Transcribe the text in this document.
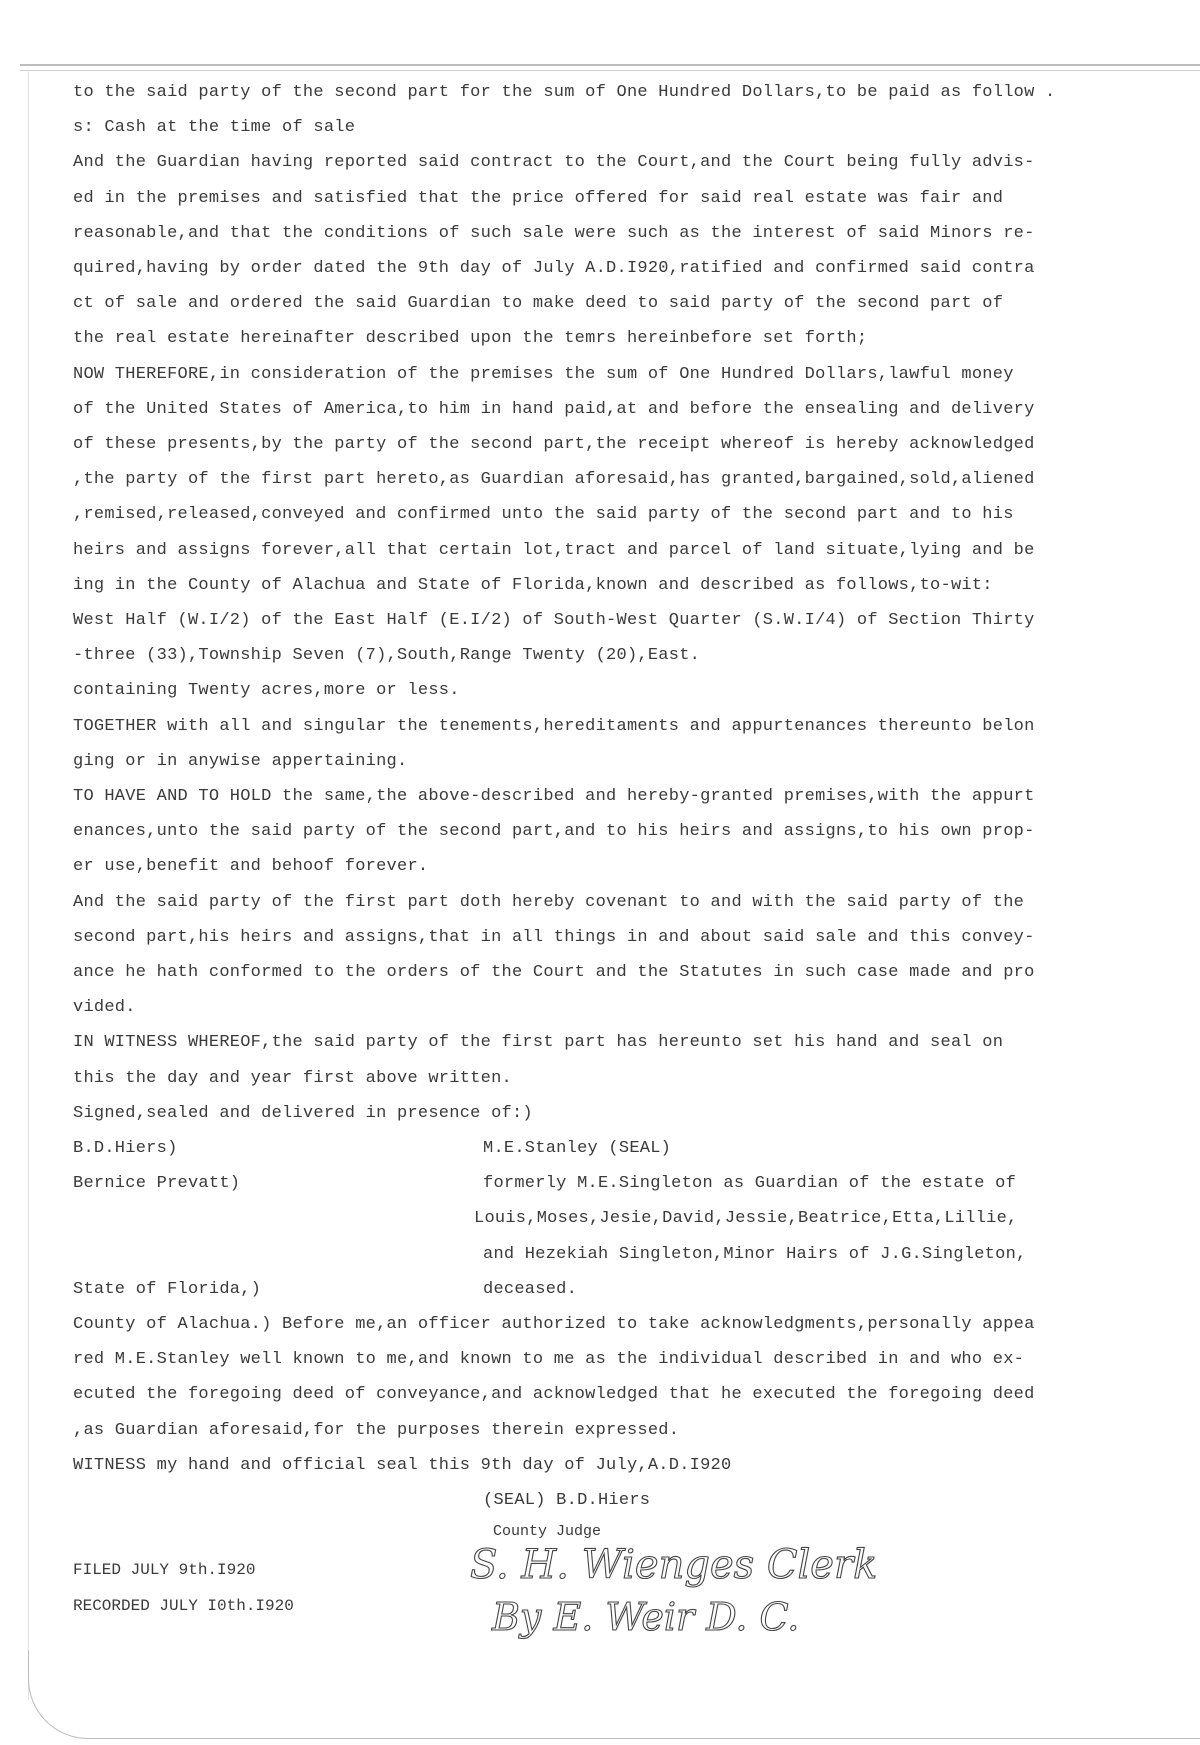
to the said party of the second part for the sum of One Hundred Dollars,to be paid as follow .
s: Cash at the time of sale
And the Guardian having reported said contract to the Court,and the Court being fully advis-
ed in the premises and satisfied that the price offered for said real estate was fair and
reasonable,and that the conditions of such sale were such as the interest of said Minors re-
quired,having by order dated the 9th day of July A.D.I920,ratified and confirmed said contra
ct of sale and ordered the said Guardian to make deed to said party of the second part of
the real estate hereinafter described upon the temrs hereinbefore set forth;
NOW THEREFORE,in consideration of the premises the sum of One Hundred Dollars,lawful money
of the United States of America,to him in hand paid,at and before the ensealing and delivery
of these presents,by the party of the second part,the receipt whereof is hereby acknowledged
,the party of the first part hereto,as Guardian aforesaid,has granted,bargained,sold,aliened
,remised,released,conveyed and confirmed unto the said party of the second part and to his
heirs and assigns forever,all that certain lot,tract and parcel of land situate,lying and be
ing in the County of Alachua and State of Florida,known and described as follows,to-wit:
West Half (W.I/2) of the East Half (E.I/2) of South-West Quarter (S.W.I/4) of Section Thirty
-three (33),Township Seven (7),South,Range Twenty (20),East.
containing Twenty acres,more or less.
TOGETHER with all and singular the tenements,hereditaments and appurtenances thereunto belon
ging or in anywise appertaining.
TO HAVE AND TO HOLD the same,the above-described and hereby-granted premises,with the appurt
enances,unto the said party of the second part,and to his heirs and assigns,to his own prop-
er use,benefit and behoof forever.
And the said party of the first part doth hereby covenant to and with the said party of the
second part,his heirs and assigns,that in all things in and about said sale and this convey-
ance he hath conformed to the orders of the Court and the Statutes in such case made and pro
vided.
IN WITNESS WHEREOF,the said party of the first part has hereunto set his hand and seal on
this the day and year first above written.
Signed,sealed and delivered in presence of:)
B.D.Hiers)	M.E.Stanley (SEAL)
Bernice Prevatt)	formerly M.E.Singleton as Guardian of the estate of
Louis,Moses,Jesie,David,Jessie,Beatrice,Etta,Lillie,
and Hezekiah Singleton,Minor Hairs of J.G.Singleton,
State of Florida,)	deceased.
County of Alachua.) Before me,an officer authorized to take acknowledgments,personally appea
red M.E.Stanley well known to me,and known to me as the individual described in and who ex-
ecuted the foregoing deed of conveyance,and acknowledged that he executed the foregoing deed
,as Guardian aforesaid,for the purposes therein expressed.
WITNESS my hand and official seal this 9th day of July,A.D.I920
(SEAL) B.D.Hiers
County Judge
FILED JULY 9th.I920
RECORDED JULY I0th.I920
S. H. Wienges Clerk
By E. Weir D. C.
